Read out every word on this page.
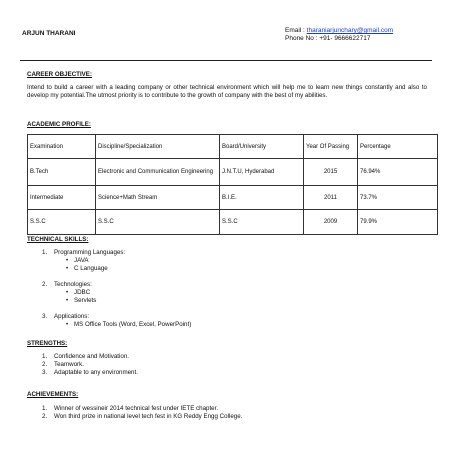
ARJUN THARANI	Email : tharaniarjunchary@gmail.com
Phone No : +91- 9666622717
CAREER OBJECTIVE:
Intend to build a career with a leading company or other technical environment which will help me to learn new things constantly and also to develop my potential.The utmost priority is to contribute to the growth of company with the best of my abilities.
ACADEMIC PROFILE:
Examination	Discipline/Specialization	Board/University	Year Of Passing	Percentage
B.Tech	Electronic and Communication Engineering	J.N.T.U, Hyderabad	2015	76.94%
Intermediate	Science+Math Stream	B.I.E.	2011	73.7%
S.S.C	S.S.C	S.S.C	2009	79.9%
TECHNICAL SKILLS:
1. Programming Languages:
• JAVA
• C Language
2. Technologies:
• JDBC
• Servlets
3. Applications:
• MS Office Tools (Word, Excel, PowerPoint)
STRENGTHS:
1. Confidence and Motivation.
2. Teamwork.
3. Adaptable to any environment.
ACHIEVEMENTS:
1. Winner of wessineir 2014 technical fest under IETE chapter.
2. Won third prize in national level tech fest in KG Reddy Engg College.
